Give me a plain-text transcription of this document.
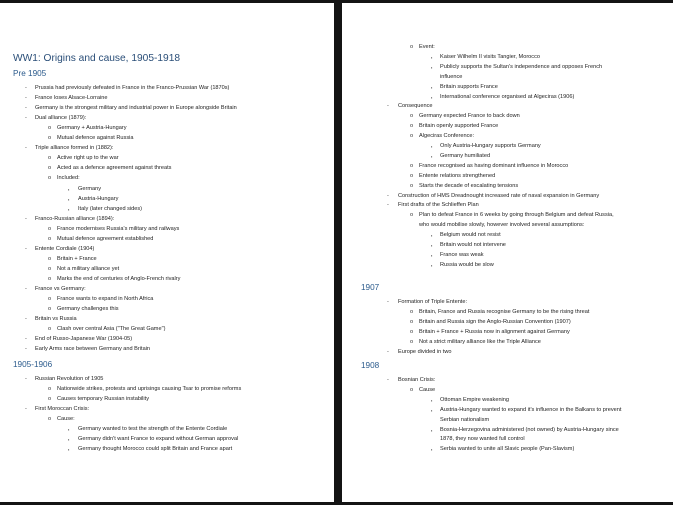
WW1: Origins and cause, 1905-1918
Pre 1905
- Prussia had previously defeated in France in the Franco-Prussian War (1870s)
- France loses Alsace-Lorraine
- Germany is the strongest military and industrial power in Europe alongside Britain
- Dual alliance (1879):
o Germany + Austria-Hungary
o Mutual defence against Russia
- Triple alliance formed in (1882):
o Active right up to the war
o Acted as a defence agreement against threats
o Included:
▪ Germany
▪ Austria-Hungary
▪ Italy (later changed sides)
- Franco-Russian alliance (1894):
o France modernises Russia's military and railways
o Mutual defence agreement established
- Entente Cordiale (1904)
o Britain + France
o Not a military alliance yet
o Marks the end of centuries of Anglo-French rivalry
- France vs Germany:
o France wants to expand in North Africa
o Germany challenges this
- Britain vs Russia
o Clash over central Asia ("The Great Game")
- End of Russo-Japanese War (1904-05)
- Early Arms race between Germany and Britain
1905-1906
- Russian Revolution of 1905
o Nationwide strikes, protests and uprisings causing Tsar to promise reforms
o Causes temporary Russian instability
- First Moroccan Crisis:
o Cause:
▪ Germany wanted to test the strength of the Entente Cordiale
▪ Germany didn't want France to expand without German approval
▪ Germany thought Morocco could split Britain and France apart
o Event:
▪ Kaiser Wilhelm II visits Tangier, Morocco
▪ Publicly supports the Sultan's independence and opposes French
influence
▪ Britain supports France
▪ International conference organised at Algeciras (1906)
- Consequence
o Germany expected France to back down
o Britain openly supported France
o Algeciras Conference:
▪ Only Austria-Hungary supports Germany
▪ Germany humiliated
o France recognised as having dominant influence in Morocco
o Entente relations strengthened
o Starts the decade of escalating tensions
- Construction of HMS Dreadnought increased rate of naval expansion in Germany
- First drafts of the Schlieffen Plan
o Plan to defeat France in 6 weeks by going through Belgium and defeat Russia,
who would mobilise slowly, however involved several assumptions:
▪ Belgium would not resist
▪ Britain would not intervene
▪ France was weak
▪ Russia would be slow
1907
- Formation of Triple Entente:
o Britain, France and Russia recognise Germany to be the rising threat
o Britain and Russia sign the Anglo-Russian Convention (1907)
o Britain + France + Russia now in alignment against Germany
o Not a strict military alliance like the Triple Alliance
- Europe divided in two
1908
- Bosnian Crisis:
o Cause
▪ Ottoman Empire weakening
▪ Austria-Hungary wanted to expand it's influence in the Balkans to prevent
Serbian nationalism
▪ Bosnia-Herzegovina administered (not owned) by Austria-Hungary since
1878, they now wanted full control
▪ Serbia wanted to unite all Slavic people (Pan-Slavism)
